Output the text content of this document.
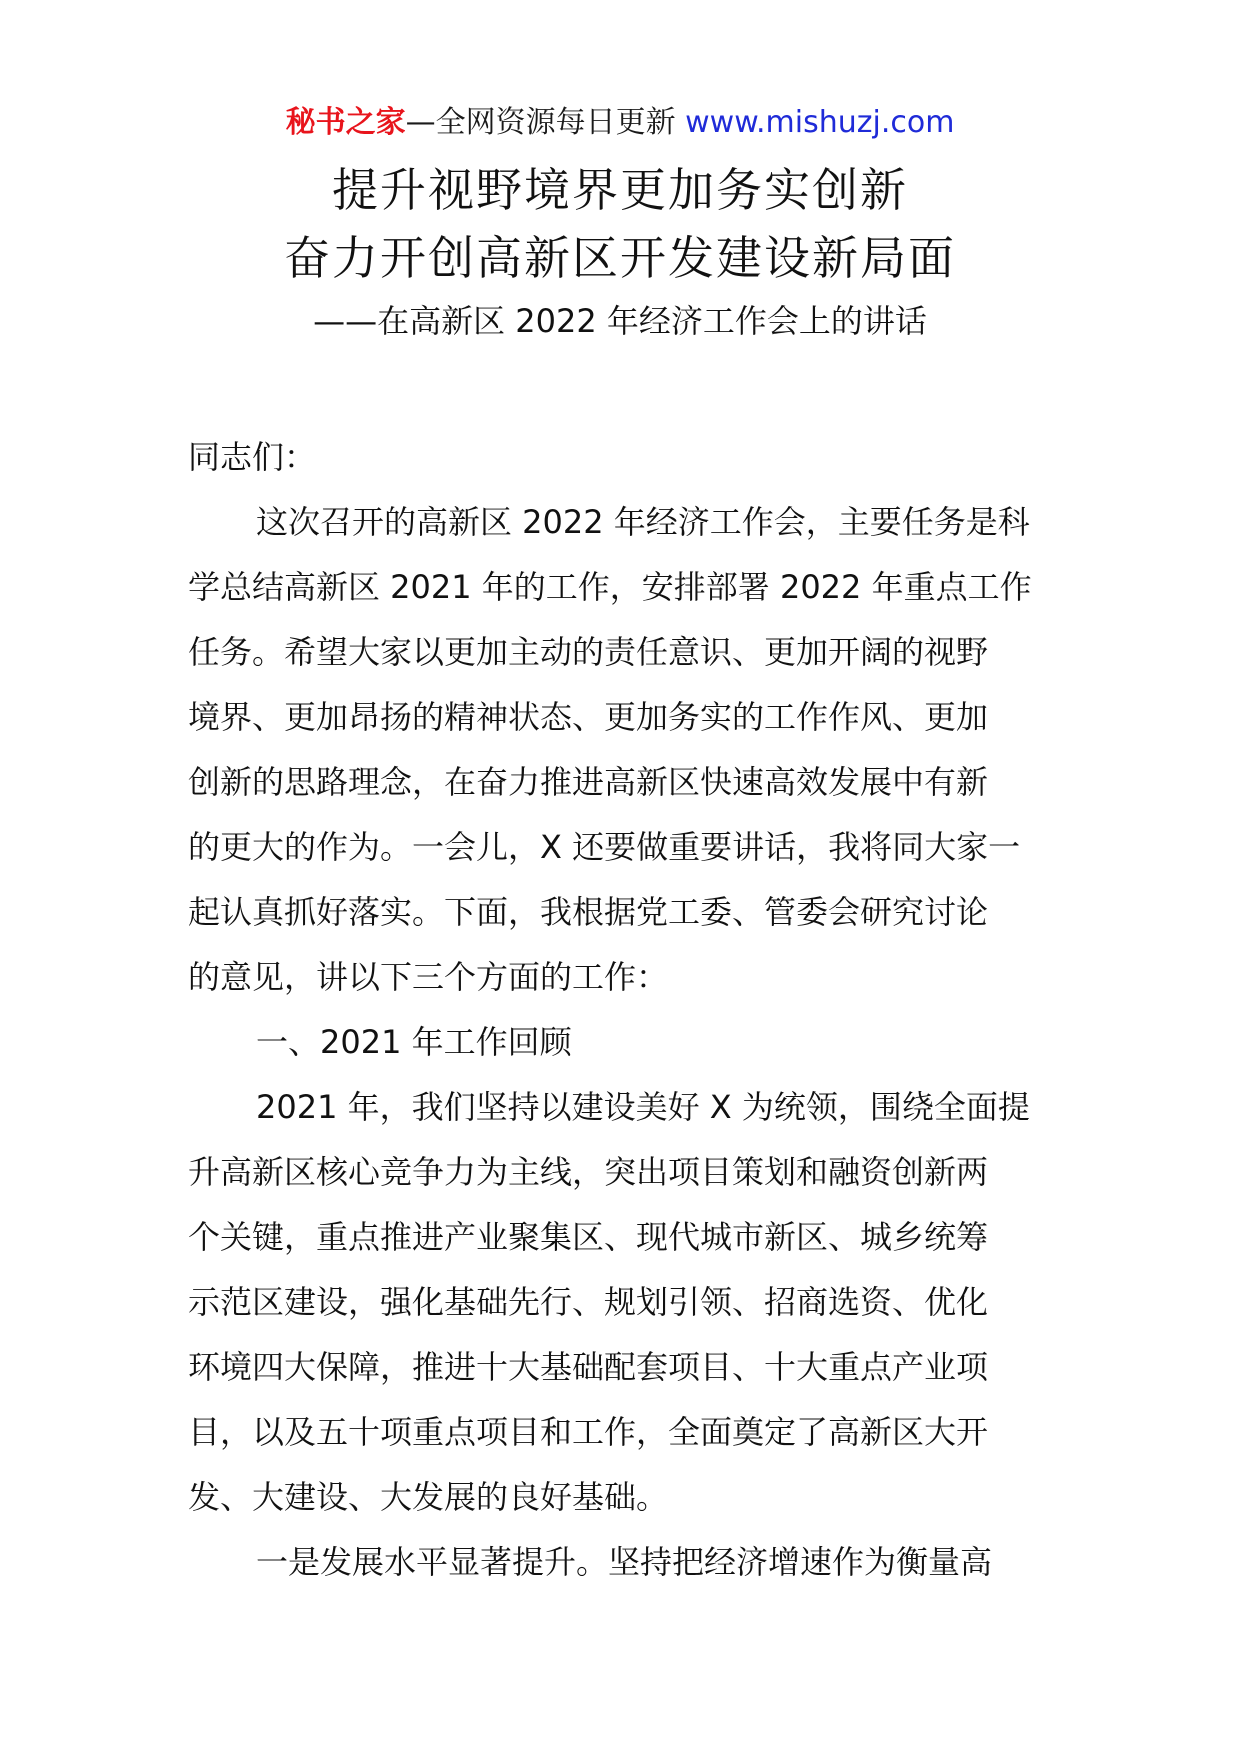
秘书之家—全网资源每日更新 www.mishuzj.com
提升视野境界更加务实创新
奋力开创高新区开发建设新局面
——在高新区 2022 年经济工作会上的讲话
同志们：
这次召开的高新区 2022 年经济工作会，主要任务是科
学总结高新区 2021 年的工作，安排部署 2022 年重点工作
任务。希望大家以更加主动的责任意识、更加开阔的视野
境界、更加昂扬的精神状态、更加务实的工作作风、更加
创新的思路理念，在奋力推进高新区快速高效发展中有新
的更大的作为。一会儿，X 还要做重要讲话，我将同大家一
起认真抓好落实。下面，我根据党工委、管委会研究讨论
的意见，讲以下三个方面的工作：
一、2021 年工作回顾
2021 年，我们坚持以建设美好 X 为统领，围绕全面提
升高新区核心竞争力为主线，突出项目策划和融资创新两
个关键，重点推进产业聚集区、现代城市新区、城乡统筹
示范区建设，强化基础先行、规划引领、招商选资、优化
环境四大保障，推进十大基础配套项目、十大重点产业项
目，以及五十项重点项目和工作，全面奠定了高新区大开
发、大建设、大发展的良好基础。
一是发展水平显著提升。坚持把经济增速作为衡量高
